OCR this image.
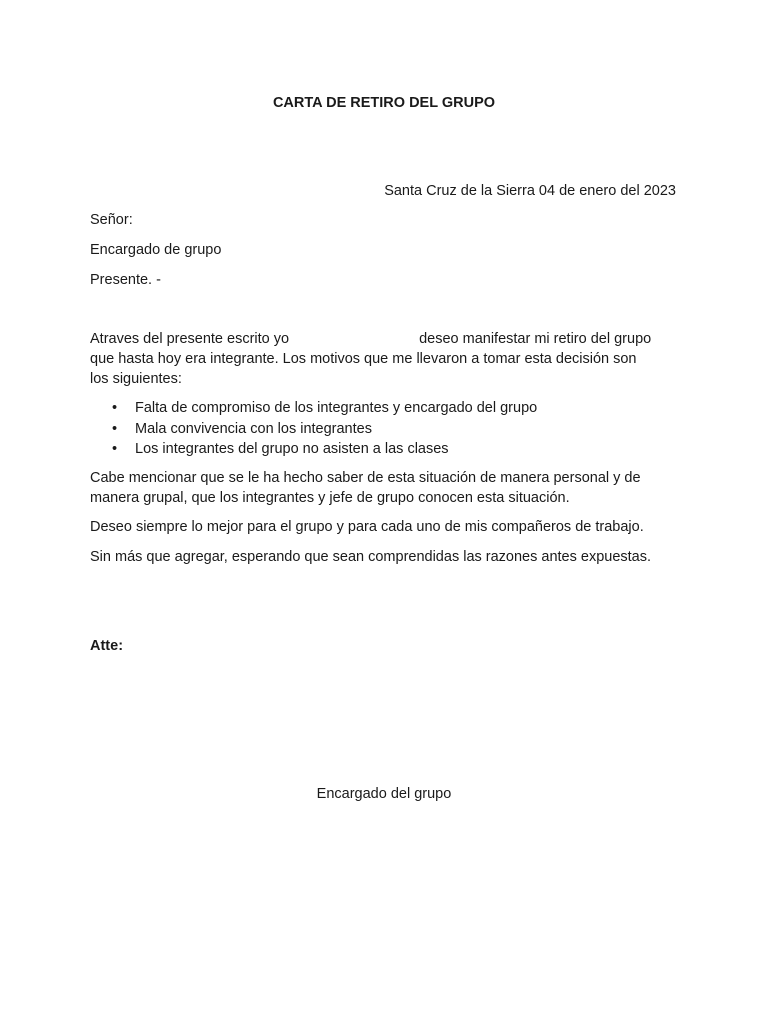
CARTA DE RETIRO DEL GRUPO
Santa Cruz de la Sierra 04 de enero del 2023
Señor:
Encargado de grupo
Presente. -
Atraves del presente escrito yo	deseo manifestar mi retiro del grupo
que hasta hoy era integrante. Los motivos que me llevaron a tomar esta decisión son
los siguientes:
• Falta de compromiso de los integrantes y encargado del grupo
• Mala convivencia con los integrantes
• Los integrantes del grupo no asisten a las clases
Cabe mencionar que se le ha hecho saber de esta situación de manera personal y de
manera grupal, que los integrantes y jefe de grupo conocen esta situación.
Deseo siempre lo mejor para el grupo y para cada uno de mis compañeros de trabajo.
Sin más que agregar, esperando que sean comprendidas las razones antes expuestas.
Atte:
Encargado del grupo
